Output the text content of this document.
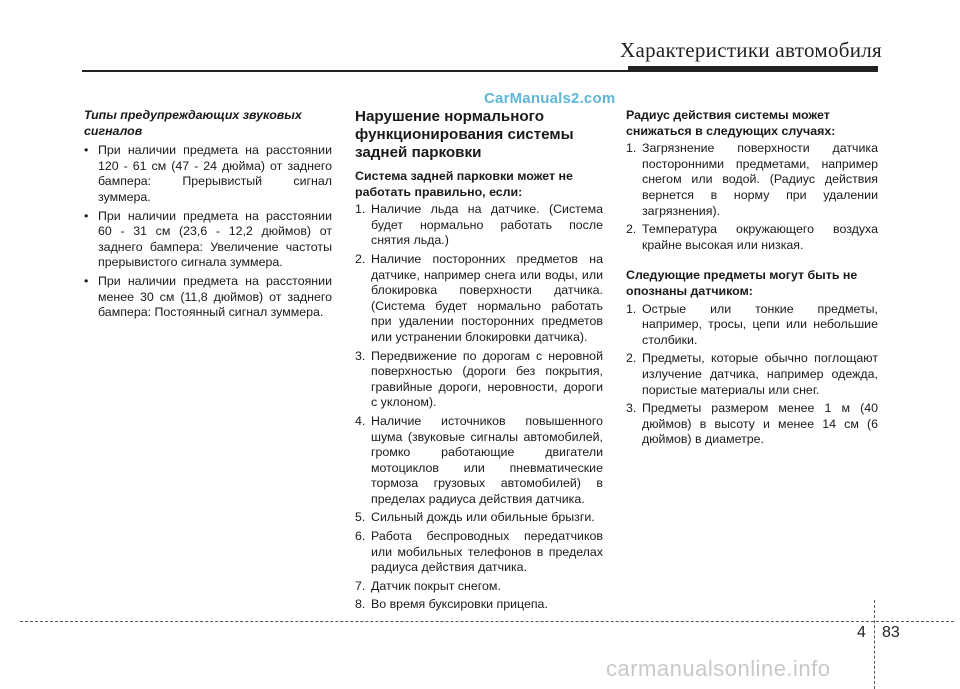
Характеристики автомобиля
CarManuals2.com
Типы предупреждающих звуковых сигналов
• При наличии предмета на расстоянии 120 - 61 см (47 - 24 дюйма) от заднего бампера: Прерывистый сигнал зуммера.
• При наличии предмета на расстоянии 60 - 31 см (23,6 - 12,2 дюймов) от заднего бампера: Увеличение частоты прерывистого сигнала зуммера.
• При наличии предмета на расстоянии менее 30 см (11,8 дюймов) от заднего бампера: Постоянный сигнал зуммера.
Нарушение нормального функционирования системы задней парковки
Система задней парковки может не работать правильно, если:
1. Наличие льда на датчике. (Система будет нормально работать после снятия льда.)
2. Наличие посторонних предметов на датчике, например снега или воды, или блокировка поверхности датчика. (Система будет нормально работать при удалении посторонних предметов или устранении блокировки датчика).
3. Передвижение по дорогам с неровной поверхностью (дороги без покрытия, гравийные дороги, неровности, дороги с уклоном).
4. Наличие источников повышенного шума (звуковые сигналы автомобилей, громко работающие двигатели мотоциклов или пневматические тормоза грузовых автомобилей) в пределах радиуса действия датчика.
5. Сильный дождь или обильные брызги.
6. Работа беспроводных передатчиков или мобильных телефонов в пределах радиуса действия датчика.
7. Датчик покрыт снегом.
8. Во время буксировки прицепа.
Радиус действия системы может снижаться в следующих случаях:
1. Загрязнение поверхности датчика посторонними предметами, например снегом или водой. (Радиус действия вернется в норму при удалении загрязнения).
2. Температура окружающего воздуха крайне высокая или низкая.
Следующие предметы могут быть не опознаны датчиком:
1. Острые или тонкие предметы, например, тросы, цепи или небольшие столбики.
2. Предметы, которые обычно поглощают излучение датчика, например одежда, пористые материалы или снег.
3. Предметы размером менее 1 м (40 дюймов) в высоту и менее 14 см (6 дюймов) в диаметре.
4 83
carmanualsonline.info
